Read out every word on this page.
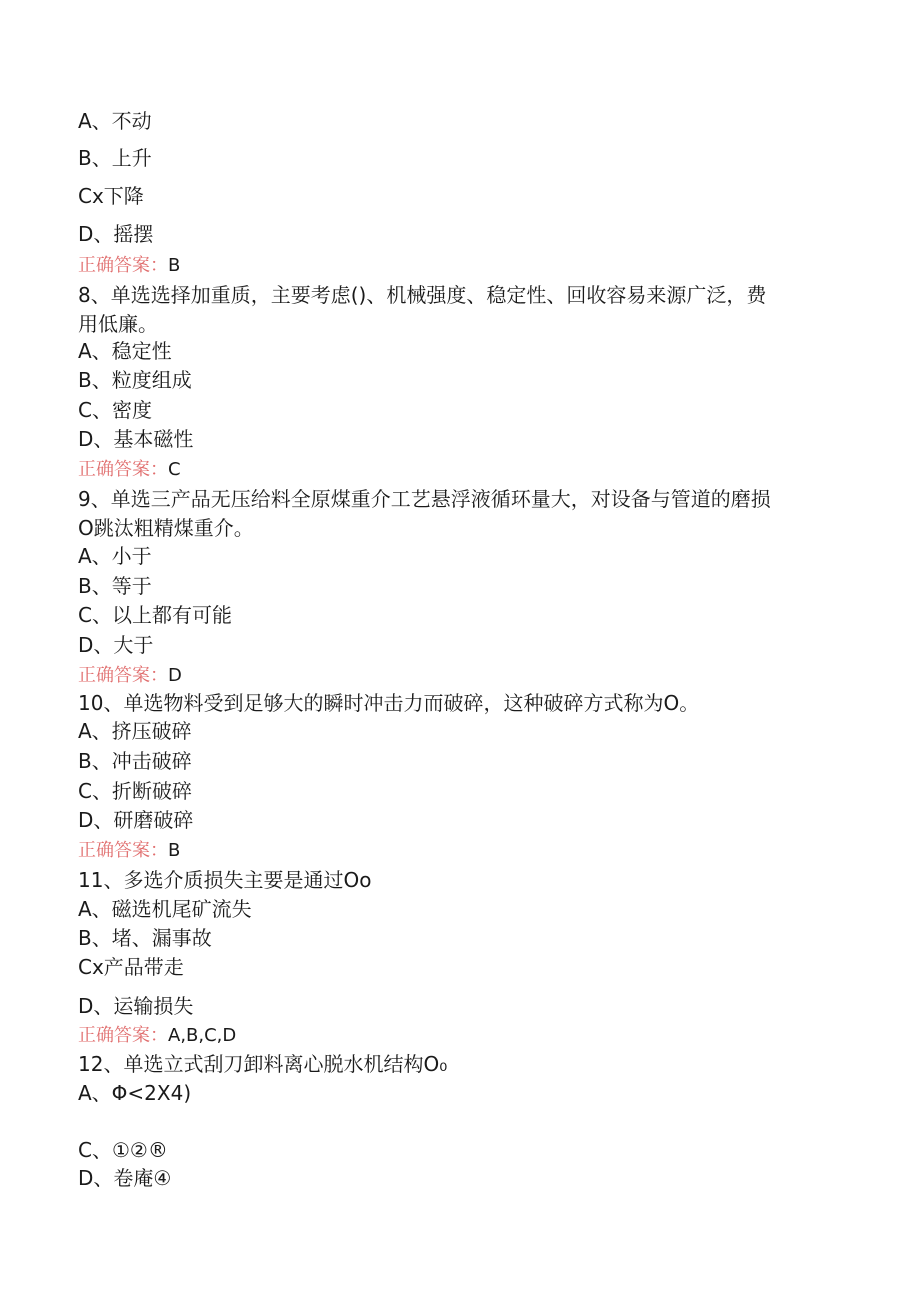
A、不动
B、上升
Cx下降
D、摇摆
正确答案：B
8、单选选择加重质，主要考虑()、机械强度、稳定性、回收容易来源广泛，费
用低廉。
A、稳定性
B、粒度组成
C、密度
D、基本磁性
正确答案：C
9、单选三产品无压给料全原煤重介工艺悬浮液循环量大，对设备与管道的磨损
O跳汰粗精煤重介。
A、小于
B、等于
C、以上都有可能
D、大于
正确答案：D
10、单选物料受到足够大的瞬时冲击力而破碎，这种破碎方式称为O。
A、挤压破碎
B、冲击破碎
C、折断破碎
D、研磨破碎
正确答案：B
11、多选介质损失主要是通过Oo
A、磁选机尾矿流失
B、堵、漏事故
Cx产品带走
D、运输损失
正确答案：A,B,C,D
12、单选立式刮刀卸料离心脱水机结构O₀
A、Φ<2X4)
C、①②®
D、卷庵④
